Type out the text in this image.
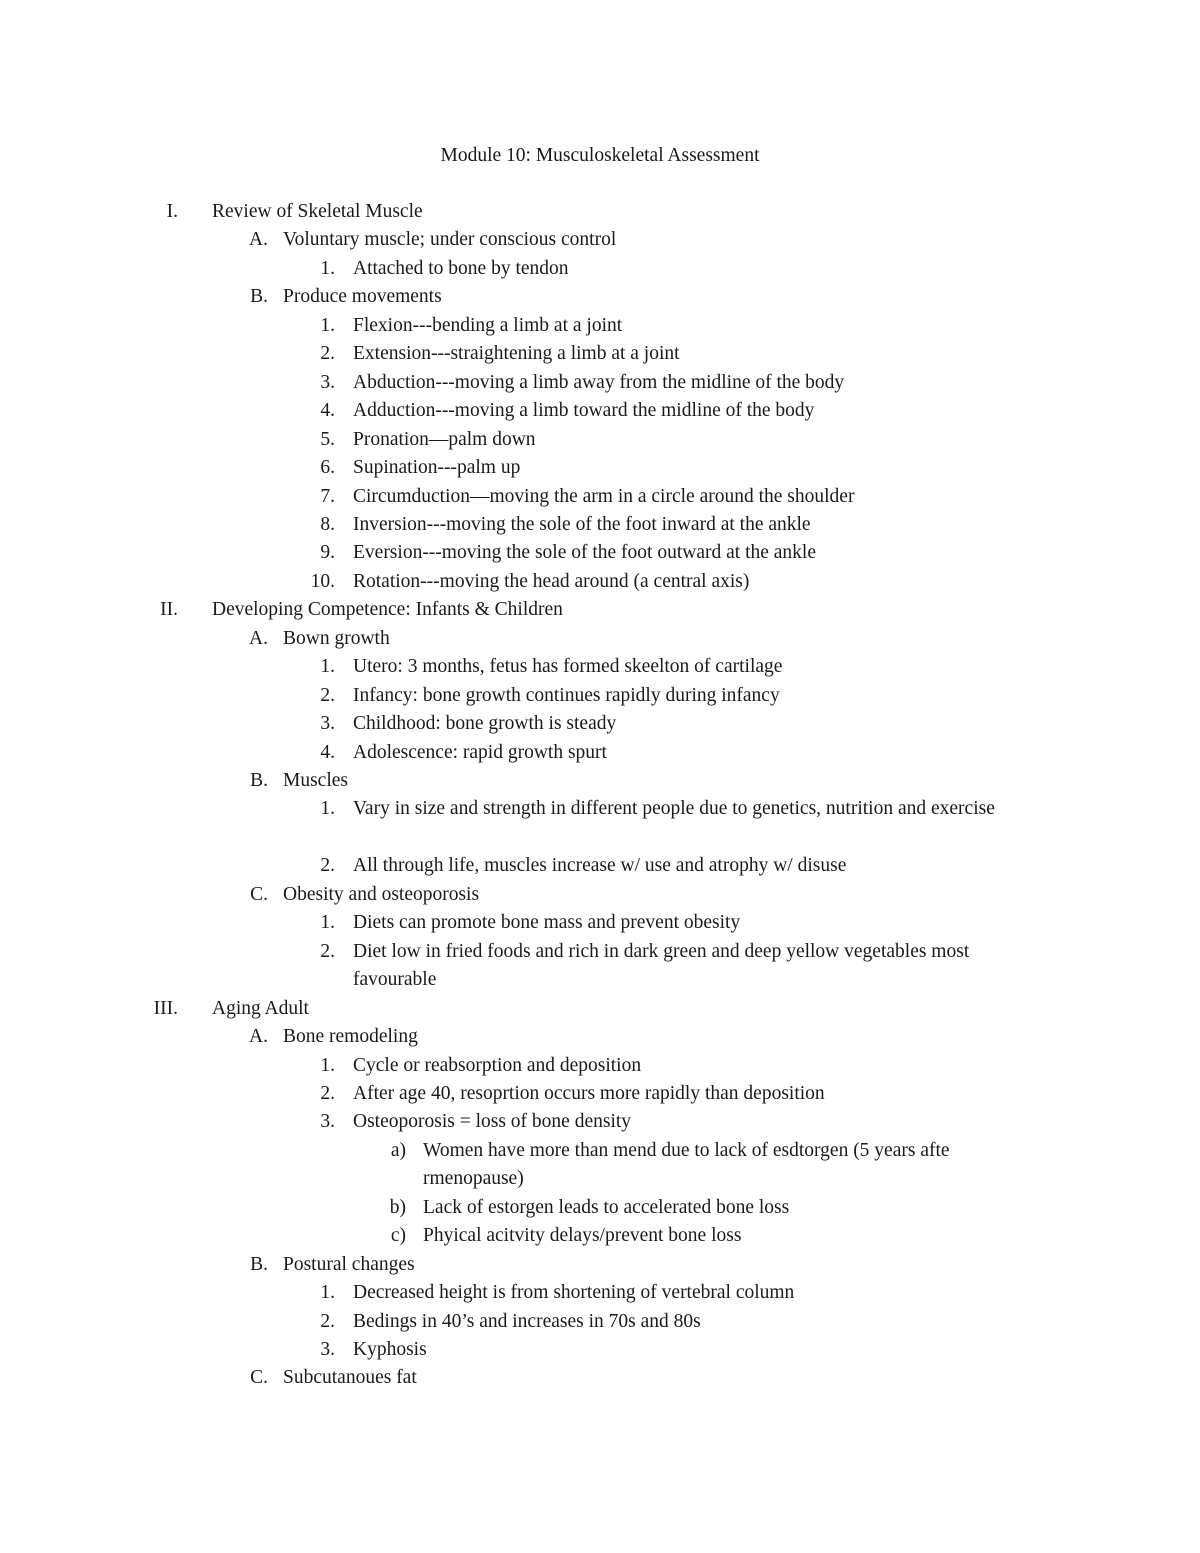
Module 10: Musculoskeletal Assessment
I. Review of Skeletal Muscle
A. Voluntary muscle; under conscious control
1. Attached to bone by tendon
B. Produce movements
1. Flexion---bending a limb at a joint
2. Extension---straightening a limb at a joint
3. Abduction---moving a limb away from the midline of the body
4. Adduction---moving a limb toward the midline of the body
5. Pronation—palm down
6. Supination---palm up
7. Circumduction—moving the arm in a circle around the shoulder
8. Inversion---moving the sole of the foot inward at the ankle
9. Eversion---moving the sole of the foot outward at the ankle
10. Rotation---moving the head around (a central axis)
II. Developing Competence: Infants & Children
A. Bown growth
1. Utero: 3 months, fetus has formed skeelton of cartilage
2. Infancy: bone growth continues rapidly during infancy
3. Childhood: bone growth is steady
4. Adolescence: rapid growth spurt
B. Muscles
1. Vary in size and strength in different people due to genetics, nutrition and exercise
2. All through life, muscles increase w/ use and atrophy w/ disuse
C. Obesity and osteoporosis
1. Diets can promote bone mass and prevent obesity
2. Diet low in fried foods and rich in dark green and deep yellow vegetables most favourable
III. Aging Adult
A. Bone remodeling
1. Cycle or reabsorption and deposition
2. After age 40, resoprtion occurs more rapidly than deposition
3. Osteoporosis = loss of bone density
a) Women have more than mend due to lack of esdtorgen (5 years afte rmenopause)
b) Lack of estorgen leads to accelerated bone loss
c) Phyical acitvity delays/prevent bone loss
B. Postural changes
1. Decreased height is from shortening of vertebral column
2. Bedings in 40’s and increases in 70s and 80s
3. Kyphosis
C. Subcutanoues fat
